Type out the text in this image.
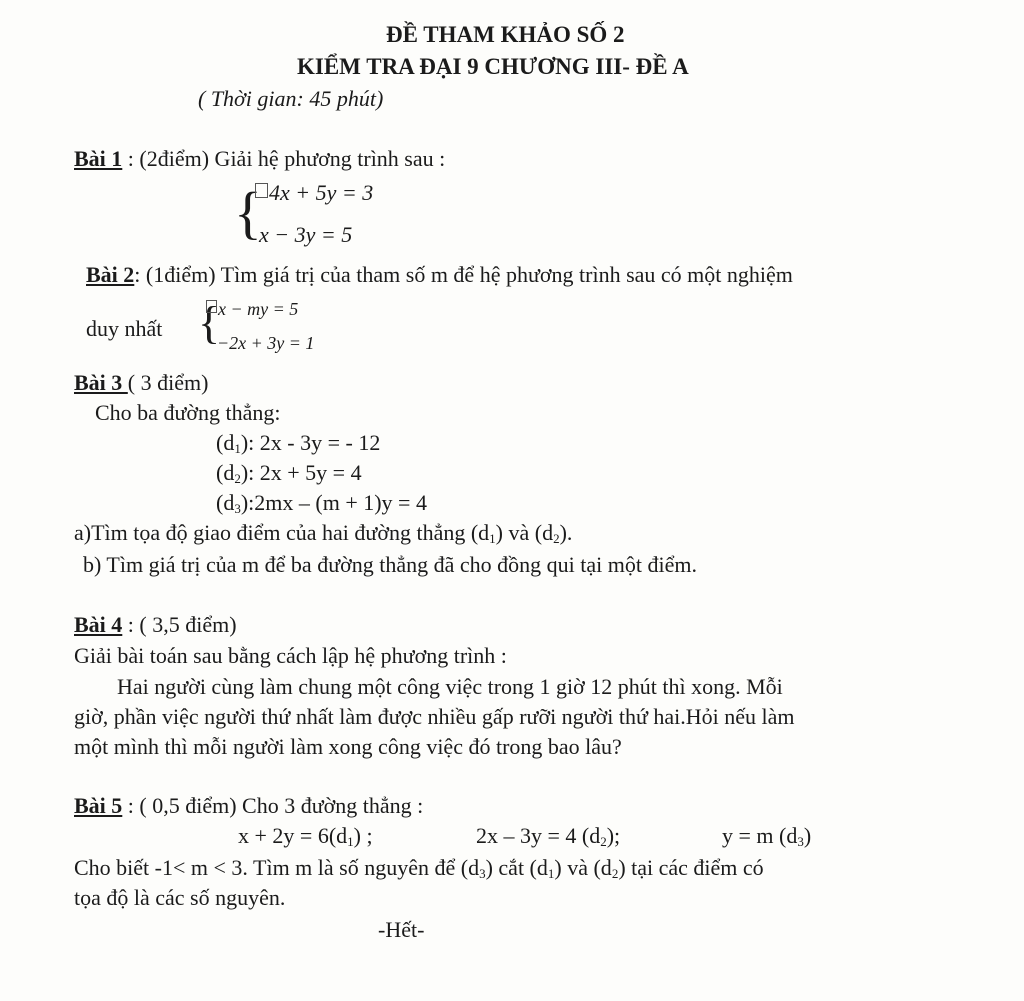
ĐỀ THAM KHẢO SỐ 2
KIỂM TRA ĐẠI 9 CHƯƠNG III- ĐỀ A
( Thời gian: 45 phút)
Bài 1 : (2điểm) Giải hệ phương trình sau :
{ 4x + 5y = 3
x − 3y = 5
Bài 2: (1điểm) Tìm giá trị của tham số m để hệ phương trình sau có một nghiệm
duy nhất {
x − my = 5
−2x + 3y = 1
Bài 3 ( 3 điểm)
Cho ba đường thẳng:
$(d_1)$: 2x - 3y = - 12
$(d_2)$: 2x + 5y = 4
$(d_3):2mx - (m + 1)y = 4$
a)Tìm tọa độ giao điểm của hai đường thẳng $(d_1)$ và $(d_2)$.
b) Tìm giá trị của m để ba đường thẳng đã cho đồng qui tại một điểm.
Bài 4 : ( 3,5 điểm)
Giải bài toán sau bằng cách lập hệ phương trình :
Hai người cùng làm chung một công việc trong 1 giờ 12 phút thì xong. Mỗi
giờ, phần việc người thứ nhất làm được nhiều gấp rưỡi người thứ hai.Hỏi nếu làm
một mình thì mỗi người làm xong công việc đó trong bao lâu?
Bài 5 : ( 0,5 điểm) Cho 3 đường thẳng :
$x + 2y = 6(d_1)$ ;	2x – 3y = 4 $(d_2)$;	y = m $(d_3)$
Cho biết -1< m < 3. Tìm m là số nguyên để $(d_3)$ cắt $(d_1)$ và $(d_2)$ tại các điểm có
tọa độ là các số nguyên.
-Hết-
